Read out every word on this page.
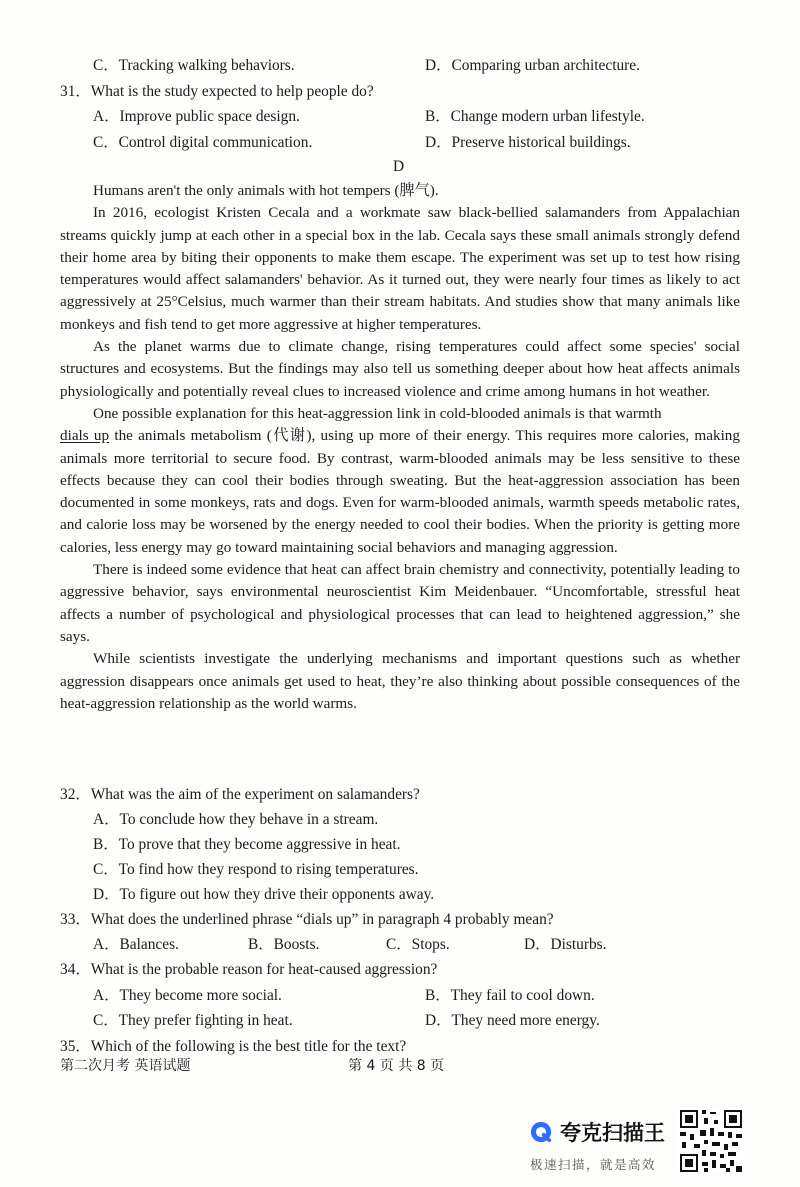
C．Tracking walking behaviors.	D．Comparing urban architecture.
31．What is the study expected to help people do?
A．Improve public space design.	B．Change modern urban lifestyle.
C．Control digital communication.	D．Preserve historical buildings.
D

Humans aren't the only animals with hot tempers (脾气).

In 2016, ecologist Kristen Cecala and a workmate saw black-bellied salamanders from Appalachian streams quickly jump at each other in a special box in the lab. Cecala says these small animals strongly defend their home area by biting their opponents to make them escape. The experiment was set up to test how rising temperatures would affect salamanders' behavior. As it turned out, they were nearly four times as likely to act aggressively at 25°Celsius, much warmer than their stream habitats. And studies show that many animals like monkeys and fish tend to get more aggressive at higher temperatures.

As the planet warms due to climate change, rising temperatures could affect some species' social structures and ecosystems. But the findings may also tell us something deeper about how heat affects animals physiologically and potentially reveal clues to increased violence and crime among humans in hot weather.

One possible explanation for this heat-aggression link in cold-blooded animals is that warmth
dials up the animals metabolism (代谢), using up more of their energy. This requires more calories, making animals more territorial to secure food. By contrast, warm-blooded animals may be less sensitive to these effects because they can cool their bodies through sweating. But the heat-aggression association has been documented in some monkeys, rats and dogs. Even for warm-blooded animals, warmth speeds metabolic rates, and calorie loss may be worsened by the energy needed to cool their bodies. When the priority is getting more calories, less energy may go toward maintaining social behaviors and managing aggression.

There is indeed some evidence that heat can affect brain chemistry and connectivity, potentially leading to aggressive behavior, says environmental neuroscientist Kim Meidenbauer. “Uncomfortable, stressful heat affects a number of psychological and physiological processes that can lead to heightened aggression,” she says.

While scientists investigate the underlying mechanisms and important questions such as whether aggression disappears once animals get used to heat, they’re also thinking about possible consequences of the heat-aggression relationship as the world warms.

32．What was the aim of the experiment on salamanders?
A．To conclude how they behave in a stream.
B．To prove that they become aggressive in heat.
C．To find how they respond to rising temperatures.
D．To figure out how they drive their opponents away.
33．What does the underlined phrase “dials up” in paragraph 4 probably mean?
A．Balances.	B．Boosts.	C．Stops.	D．Disturbs.
34．What is the probable reason for heat-caused aggression?
A．They become more social.	B．They fail to cool down.
C．They prefer fighting in heat.	D．They need more energy.
35．Which of the following is the best title for the text?
第二次月考 英语试题	第 4 页 共 8 页
夸克扫描王
极速扫描，就是高效
